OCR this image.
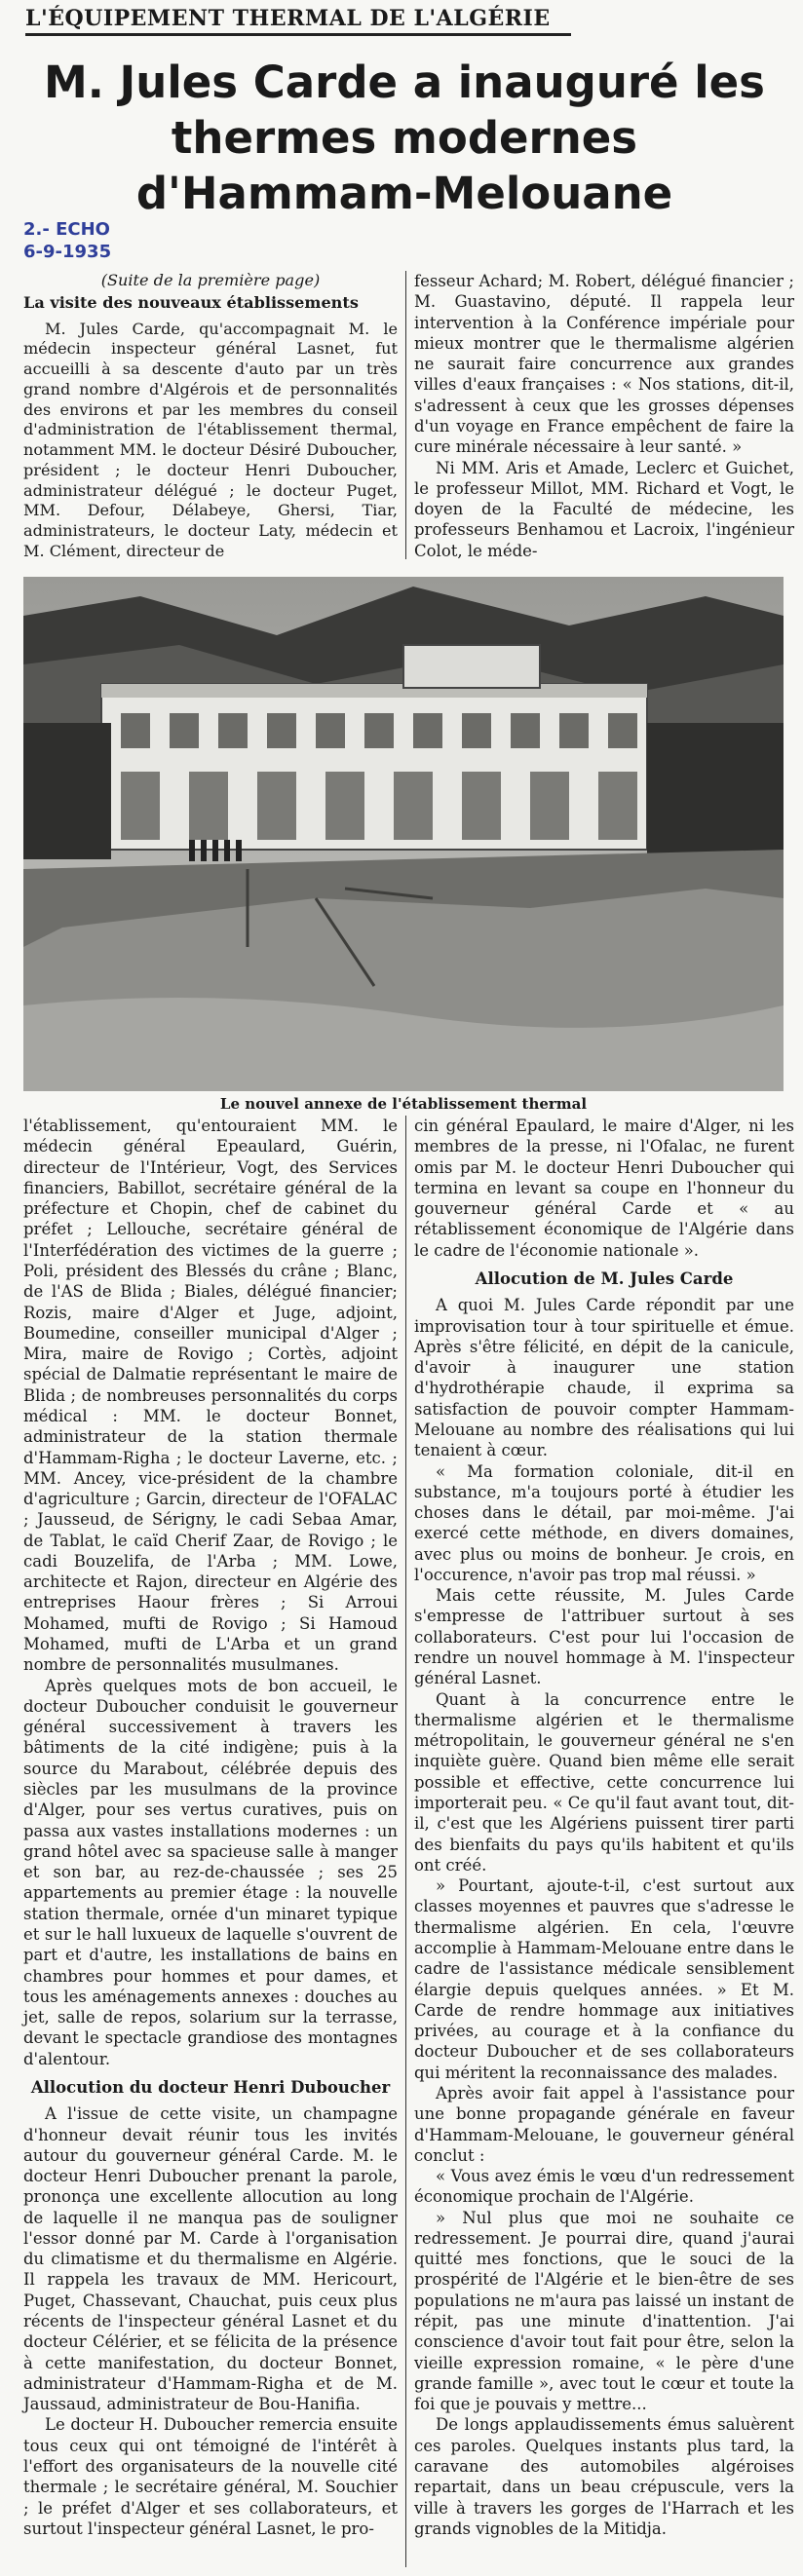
L'ÉQUIPEMENT THERMAL DE L'ALGÉRIE
M. Jules Carde a inauguré les thermes modernes d'Hammam-Melouane
2.- ECHO
6-9-1935

(Suite de la première page)

La visite des nouveaux établissements

M. Jules Carde, qu'accompagnait M. le médecin inspecteur général Lasnet, fut accueilli à sa descente d'auto par un très grand nombre d'Algérois et de personnalités des environs et par les membres du conseil d'administration de l'établissement thermal, notamment MM. le docteur Désiré Duboucher, président ; le docteur Henri Duboucher, administrateur délégué ; le docteur Puget, MM. Defour, Délabeye, Ghersi, Tiar, administrateurs, le docteur Laty, médecin et M. Clément, directeur de

fesseur Achard; M. Robert, délégué financier ; M. Guastavino, député. Il rappela leur intervention à la Conférence impériale pour mieux montrer que le thermalisme algérien ne saurait faire concurrence aux grandes villes d'eaux françaises : « Nos stations, dit-il, s'adressent à ceux que les grosses dépenses d'un voyage en France empêchent de faire la cure minérale nécessaire à leur santé. »

Ni MM. Aris et Amade, Leclerc et Guichet, le professeur Millot, MM. Richard et Vogt, le doyen de la Faculté de médecine, les professeurs Benhamou et Lacroix, l'ingénieur Colot, le méde-

Le nouvel annexe de l'établissement thermal

l'établissement, qu'entouraient MM. le médecin général Epeaulard, Guérin, directeur de l'Intérieur, Vogt, des Services financiers, Babillot, secrétaire général de la préfecture et Chopin, chef de cabinet du préfet ; Lellouche, secrétaire général de l'Interfédération des victimes de la guerre ; Poli, président des Blessés du crâne ; Blanc, de l'AS de Blida ; Biales, délégué financier; Rozis, maire d'Alger et Juge, adjoint, Boumedine, conseiller municipal d'Alger ; Mira, maire de Rovigo ; Cortès, adjoint spécial de Dalmatie représentant le maire de Blida ; de nombreuses personnalités du corps médical : MM. le docteur Bonnet, administrateur de la station thermale d'Hammam-Righa ; le docteur Laverne, etc. ; MM. Ancey, vice-président de la chambre d'agriculture ; Garcin, directeur de l'OFALAC ; Jausseud, de Sérigny, le cadi Sebaa Amar, de Tablat, le caïd Cherif Zaar, de Rovigo ; le cadi Bouzelifa, de l'Arba ; MM. Lowe, architecte et Rajon, directeur en Algérie des entreprises Haour frères ; Si Arroui Mohamed, mufti de Rovigo ; Si Hamoud Mohamed, mufti de L'Arba et un grand nombre de personnalités musulmanes.

Après quelques mots de bon accueil, le docteur Duboucher conduisit le gouverneur général successivement à travers les bâtiments de la cité indigène; puis à la source du Marabout, célébrée depuis des siècles par les musulmans de la province d'Alger, pour ses vertus curatives, puis on passa aux vastes installations modernes : un grand hôtel avec sa spacieuse salle à manger et son bar, au rez-de-chaussée ; ses 25 appartements au premier étage : la nouvelle station thermale, ornée d'un minaret typique et sur le hall luxueux de laquelle s'ouvrent de part et d'autre, les installations de bains en chambres pour hommes et pour dames, et tous les aménagements annexes : douches au jet, salle de repos, solarium sur la terrasse, devant le spectacle grandiose des montagnes d'alentour.

Allocution du docteur Henri Duboucher

A l'issue de cette visite, un champagne d'honneur devait réunir tous les invités autour du gouverneur général Carde. M. le docteur Henri Duboucher prenant la parole, prononça une excellente allocution au long de laquelle il ne manqua pas de souligner l'essor donné par M. Carde à l'organisation du climatisme et du thermalisme en Algérie. Il rappela les travaux de MM. Hericourt, Puget, Chassevant, Chauchat, puis ceux plus récents de l'inspecteur général Lasnet et du docteur Célérier, et se félicita de la présence à cette manifestation, du docteur Bonnet, administrateur d'Hammam-Righa et de M. Jaussaud, administrateur de Bou-Hanifia.

Le docteur H. Duboucher remercia ensuite tous ceux qui ont témoigné de l'intérêt à l'effort des organisateurs de la nouvelle cité thermale ; le secrétaire général, M. Souchier ; le préfet d'Alger et ses collaborateurs, et surtout l'inspecteur général Lasnet, le pro-

cin général Epaulard, le maire d'Alger, ni les membres de la presse, ni l'Ofalac, ne furent omis par M. le docteur Henri Duboucher qui termina en levant sa coupe en l'honneur du gouverneur général Carde et « au rétablissement économique de l'Algérie dans le cadre de l'économie nationale ».

Allocution de M. Jules Carde

A quoi M. Jules Carde répondit par une improvisation tour à tour spirituelle et émue. Après s'être félicité, en dépit de la canicule, d'avoir à inaugurer une station d'hydrothérapie chaude, il exprima sa satisfaction de pouvoir compter Hammam-Melouane au nombre des réalisations qui lui tenaient à cœur.

« Ma formation coloniale, dit-il en substance, m'a toujours porté à étudier les choses dans le détail, par moi-même. J'ai exercé cette méthode, en divers domaines, avec plus ou moins de bonheur. Je crois, en l'occurence, n'avoir pas trop mal réussi. »

Mais cette réussite, M. Jules Carde s'empresse de l'attribuer surtout à ses collaborateurs. C'est pour lui l'occasion de rendre un nouvel hommage à M. l'inspecteur général Lasnet.

Quant à la concurrence entre le thermalisme algérien et le thermalisme métropolitain, le gouverneur général ne s'en inquiète guère. Quand bien même elle serait possible et effective, cette concurrence lui importerait peu. « Ce qu'il faut avant tout, dit-il, c'est que les Algériens puissent tirer parti des bienfaits du pays qu'ils habitent et qu'ils ont créé.

» Pourtant, ajoute-t-il, c'est surtout aux classes moyennes et pauvres que s'adresse le thermalisme algérien. En cela, l'œuvre accomplie à Hammam-Melouane entre dans le cadre de l'assistance médicale sensiblement élargie depuis quelques années. » Et M. Carde de rendre hommage aux initiatives privées, au courage et à la confiance du docteur Duboucher et de ses collaborateurs qui méritent la reconnaissance des malades.

Après avoir fait appel à l'assistance pour une bonne propagande générale en faveur d'Hammam-Melouane, le gouverneur général conclut :

« Vous avez émis le vœu d'un redressement économique prochain de l'Algérie.

» Nul plus que moi ne souhaite ce redressement. Je pourrai dire, quand j'aurai quitté mes fonctions, que le souci de la prospérité de l'Algérie et le bien-être de ses populations ne m'aura pas laissé un instant de répit, pas une minute d'inattention. J'ai conscience d'avoir tout fait pour être, selon la vieille expression romaine, « le père d'une grande famille », avec tout le cœur et toute la foi que je pouvais y mettre...

De longs applaudissements émus saluèrent ces paroles. Quelques instants plus tard, la caravane des automobiles algéroises repartait, dans un beau crépuscule, vers la ville à travers les gorges de l'Harrach et les grands vignobles de la Mitidja.
